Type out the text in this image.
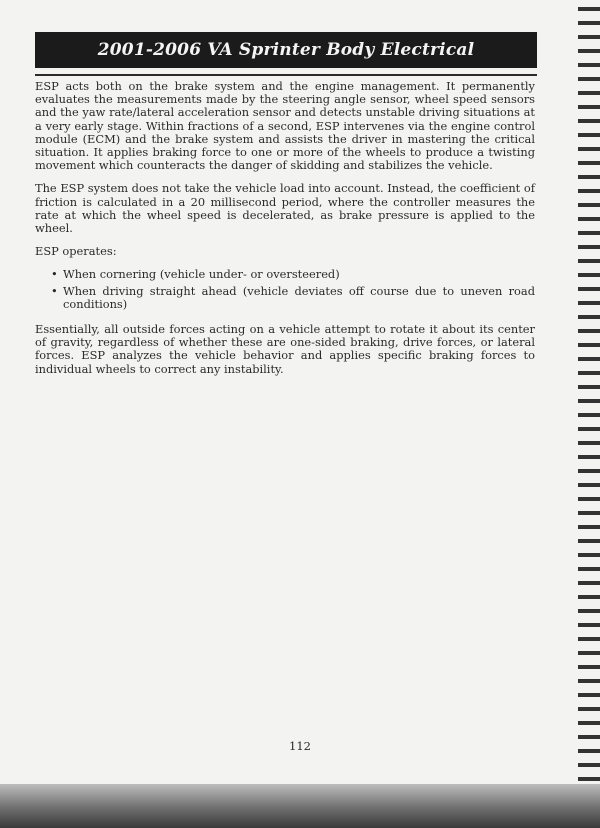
2001-2006 VA Sprinter Body Electrical

ESP acts both on the brake system and the engine management. It permanently evaluates the measurements made by the steering angle sensor, wheel speed sensors and the yaw rate/lateral acceleration sensor and detects unstable driving situations at a very early stage. Within fractions of a second, ESP intervenes via the engine control module (ECM) and the brake system and assists the driver in mastering the critical situation. It applies braking force to one or more of the wheels to produce a twisting movement which counteracts the danger of skidding and stabilizes the vehicle.

The ESP system does not take the vehicle load into account. Instead, the coefficient of friction is calculated in a 20 millisecond period, where the controller measures the rate at which the wheel speed is decelerated, as brake pressure is applied to the wheel.

ESP operates:

• When cornering (vehicle under- or oversteered)
• When driving straight ahead (vehicle deviates off course due to uneven road conditions)

Essentially, all outside forces acting on a vehicle attempt to rotate it about its center of gravity, regardless of whether these are one-sided braking, drive forces, or lateral forces. ESP analyzes the vehicle behavior and applies specific braking forces to individual wheels to correct any instability.

112
